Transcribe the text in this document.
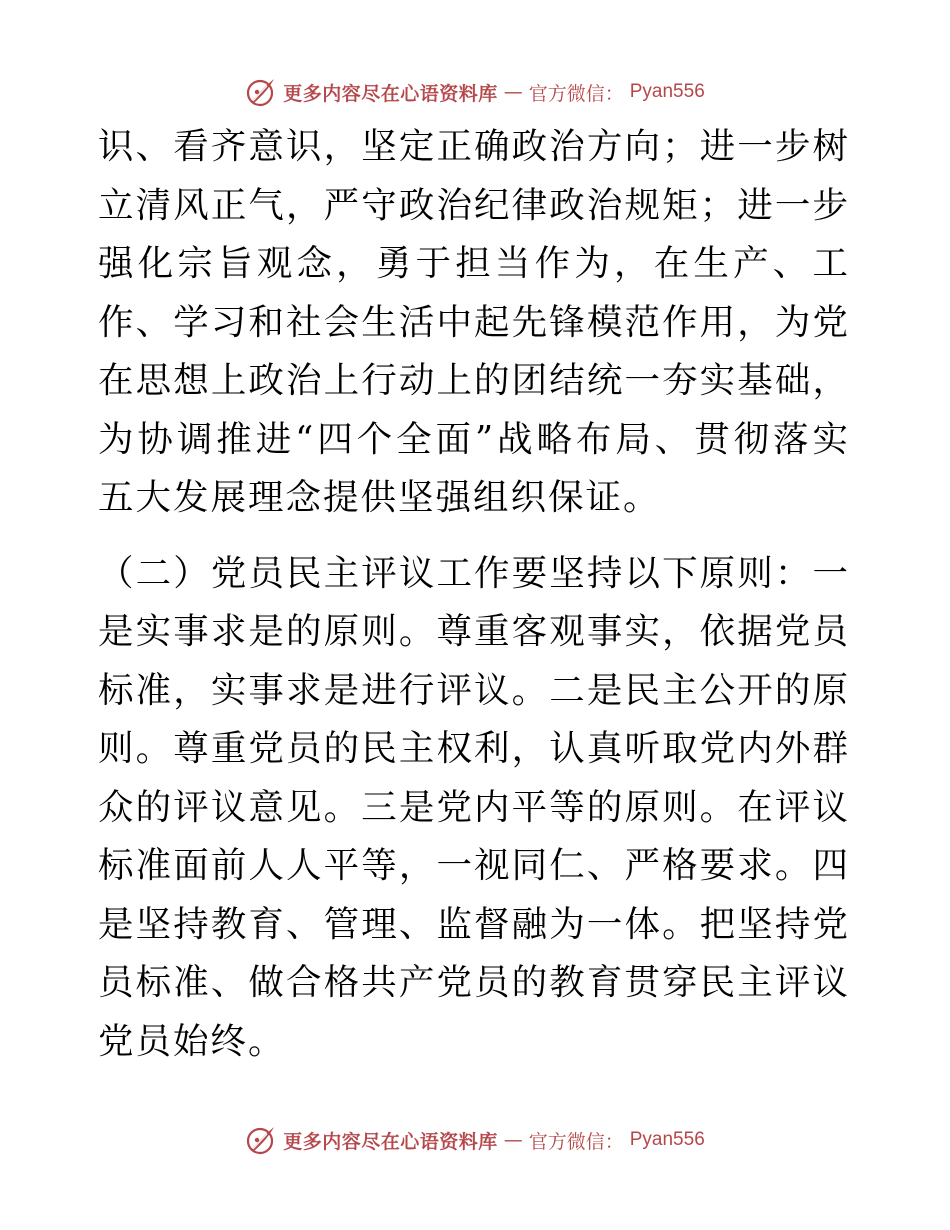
更多内容尽在心语资料库 — 官方微信： Pyan556

识、看齐意识，坚定正确政治方向；进一步树立清风正气，严守政治纪律政治规矩；进一步强化宗旨观念，勇于担当作为，在生产、工作、学习和社会生活中起先锋模范作用，为党在思想上政治上行动上的团结统一夯实基础，为协调推进“四个全面”战略布局、贯彻落实五大发展理念提供坚强组织保证。

（二）党员民主评议工作要坚持以下原则：一是实事求是的原则。尊重客观事实，依据党员标准，实事求是进行评议。二是民主公开的原则。尊重党员的民主权利，认真听取党内外群众的评议意见。三是党内平等的原则。在评议标准面前人人平等，一视同仁、严格要求。四是坚持教育、管理、监督融为一体。把坚持党员标准、做合格共产党员的教育贯穿民主评议党员始终。

更多内容尽在心语资料库 — 官方微信： Pyan556
